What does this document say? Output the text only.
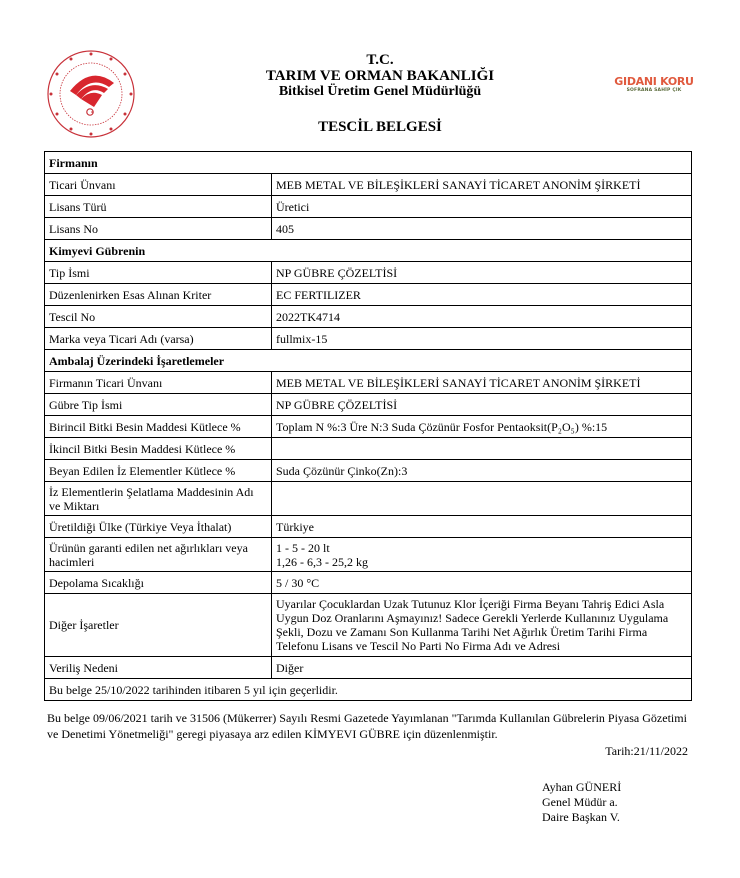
T.C.
TARIM VE ORMAN BAKANLIĞI
Bitkisel Üretim Genel Müdürlüğü
TESCİL BELGESİ
GIDANI KORU
SOFRANA SAHİP ÇIK
Firmanın	
Ticari Ünvanı	MEB METAL VE BİLEŞİKLERİ SANAYİ TİCARET ANONİM ŞİRKETİ
Lisans Türü	Üretici
Lisans No	405
Kimyevi Gübrenin	
Tip İsmi	NP GÜBRE ÇÖZELTİSİ
Düzenlenirken Esas Alınan Kriter	EC FERTILIZER
Tescil No	2022TK4714
Marka veya Ticari Adı (varsa)	fullmix-15
Ambalaj Üzerindeki İşaretlemeler	
Firmanın Ticari Ünvanı	MEB METAL VE BİLEŞİKLERİ SANAYİ TİCARET ANONİM ŞİRKETİ
Gübre Tip İsmi	NP GÜBRE ÇÖZELTİSİ
Birincil Bitki Besin Maddesi Kütlece %	Toplam N %:3 Üre N:3 Suda Çözünür Fosfor Pentaoksit(P₂O₅) %:15
İkincil Bitki Besin Maddesi Kütlece %	
Beyan Edilen İz Elementler Kütlece %	Suda Çözünür Çinko(Zn):3
İz Elementlerin Şelatlama Maddesinin Adı ve Miktarı	
Üretildiği Ülke (Türkiye Veya İthalat)	Türkiye
Ürünün garanti edilen net ağırlıkları veya hacimleri	1 - 5 - 20 lt
1,26 - 6,3 - 25,2 kg

Depolama Sıcaklığı	5 / 30 °C
Diğer İşaretler	Uyarılar Çocuklardan Uzak Tutunuz Klor İçeriği Firma Beyanı Tahriş Edici Asla Uygun Doz Oranlarını Aşmayınız! Sadece Gerekli Yerlerde Kullanınız Uygulama Şekli, Dozu ve Zamanı Son Kullanma Tarihi Net Ağırlık Üretim Tarihi Firma Telefonu Lisans ve Tescil No Parti No Firma Adı ve Adresi
Veriliş Nedeni	Diğer
Bu belge 25/10/2022 tarihinden itibaren 5 yıl için geçerlidir.	
Bu belge 09/06/2021 tarih ve 31506 (Mükerrer) Sayılı Resmi Gazetede Yayımlanan "Tarımda Kullanılan Gübrelerin Piyasa Gözetimi ve Denetimi Yönetmeliği" geregi piyasaya arz edilen KİMYEVI GÜBRE için düzenlenmiştir.
Tarih:21/11/2022
Ayhan GÜNERİ
Genel Müdür a.
Daire Başkan V.
